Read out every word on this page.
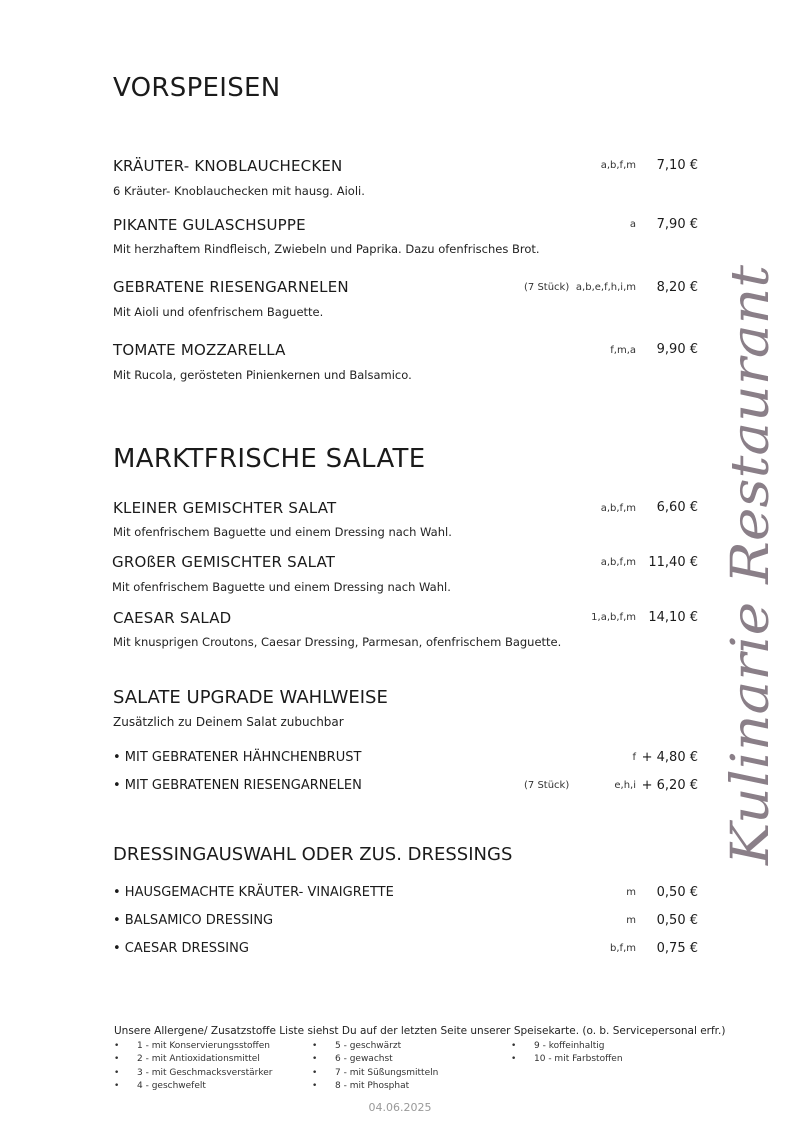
VORSPEISEN
KRÄUTER- KNOBLAUCHECKEN	a,b,f,m	7,10 €
6 Kräuter- Knoblauchecken mit hausg. Aioli.
PIKANTE GULASCHSUPPE	a	7,90 €
Mit herzhaftem Rindfleisch, Zwiebeln und Paprika. Dazu ofenfrisches Brot.
GEBRATENE RIESENGARNELEN	(7 Stück) a,b,e,f,h,i,m	8,20 €
Mit Aioli und ofenfrischem Baguette.
TOMATE MOZZARELLA	f,m,a	9,90 €
Mit Rucola, gerösteten Pinienkernen und Balsamico.
MARKTFRISCHE SALATE
KLEINER GEMISCHTER SALAT	a,b,f,m	6,60 €
Mit ofenfrischem Baguette und einem Dressing nach Wahl.
GROßER GEMISCHTER SALAT	a,b,f,m 11,40 €
Mit ofenfrischem Baguette und einem Dressing nach Wahl.
CAESAR SALAD	1,a,b,f,m 14,10 €
Mit knusprigen Croutons, Caesar Dressing, Parmesan, ofenfrischem Baguette.
SALATE UPGRADE WAHLWEISE
Zusätzlich zu Deinem Salat zubuchbar
• MIT GEBRATENER HÄHNCHENBRUST	f + 4,80 €
• MIT GEBRATENEN RIESENGARNELEN	(7 Stück)	e,h,i + 6,20 €
DRESSINGAUSWAHL ODER ZUS. DRESSINGS
• HAUSGEMACHTE KRÄUTER- VINAIGRETTE	m	0,50 €
• BALSAMICO DRESSING	m	0,50 €
• CAESAR DRESSING	b,f,m	0,75 €
Unsere Allergene/ Zusatzstoffe Liste siehst Du auf der letzten Seite unserer Speisekarte. (o. b. Servicepersonal erfr.)
• 1 - mit Konservierungsstoffen
• 2 - mit Antioxidationsmittel
• 3 - mit Geschmacksverstärker
• 4 - geschwefelt
• 5 - geschwärzt
• 6 - gewachst
• 7 - mit Süßungsmitteln
• 8 - mit Phosphat
• 9 - koffeinhaltig
• 10 - mit Farbstoffen
04.06.2025
Kulinarie Restaurant
